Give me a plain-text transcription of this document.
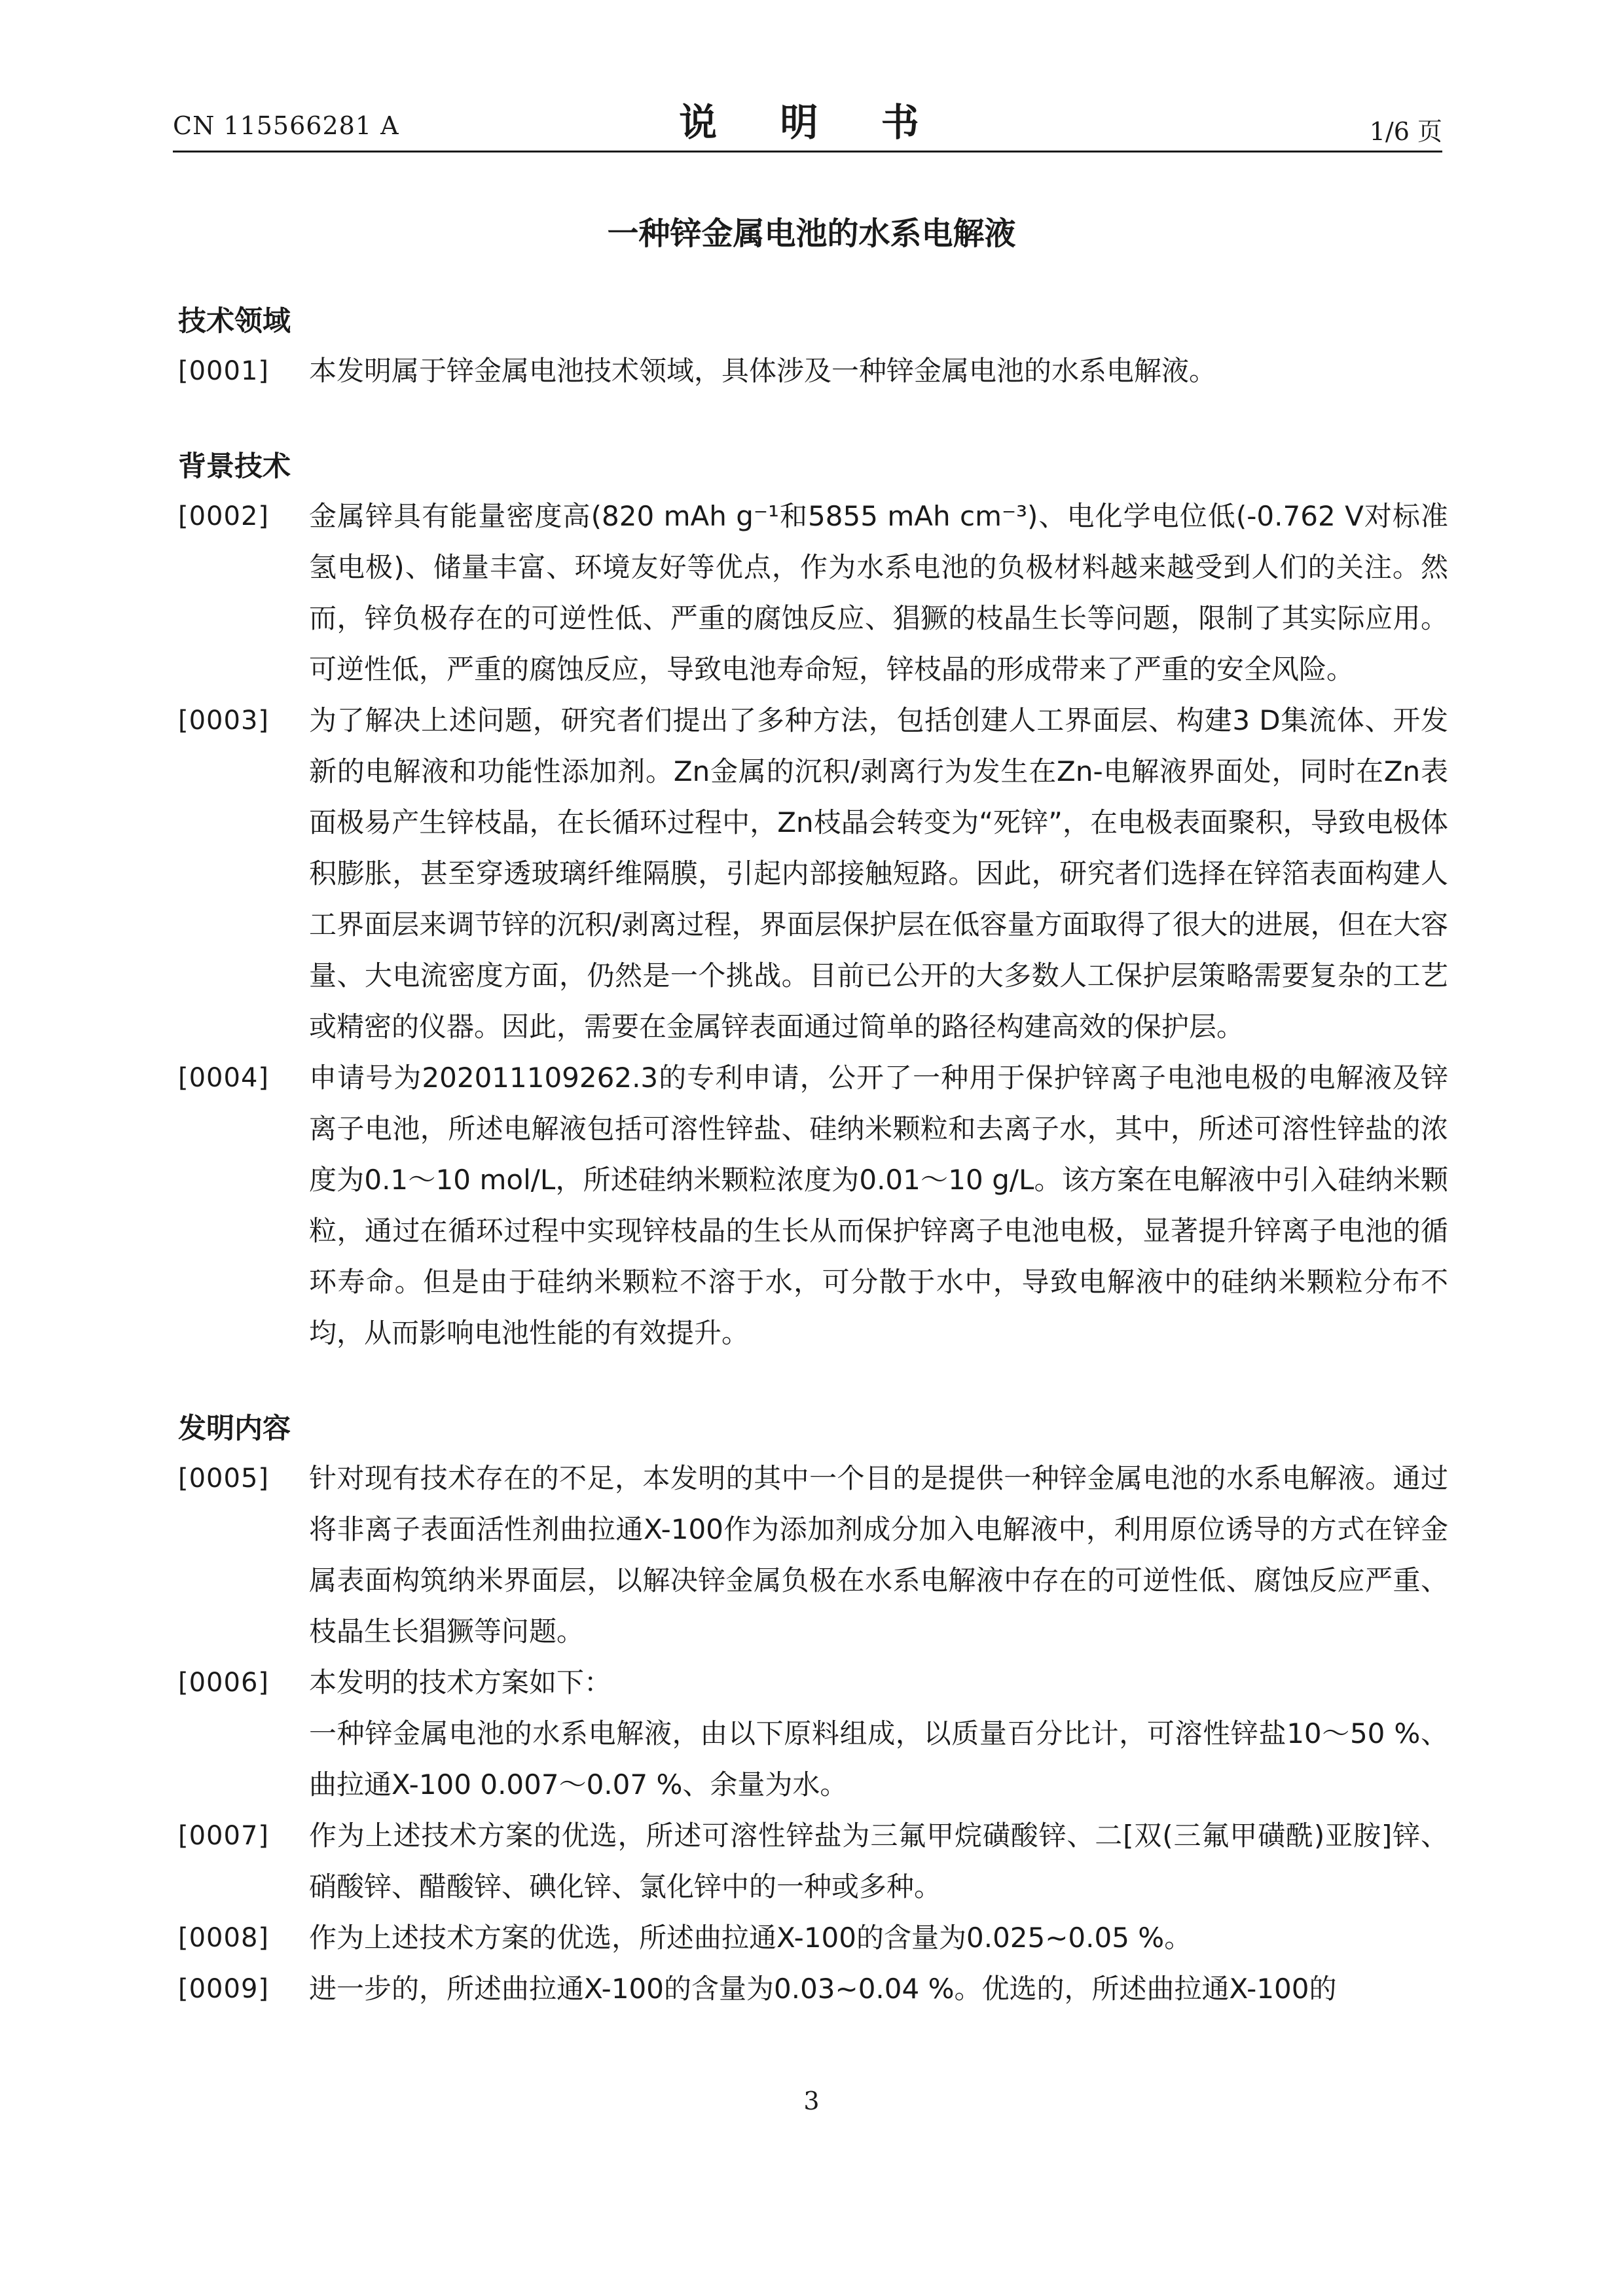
CN 115566281 A	说 明 书	1/6 页
一种锌金属电池的水系电解液
技术领域
[0001]	本发明属于锌金属电池技术领域，具体涉及一种锌金属电池的水系电解液。
背景技术
[0002]	金属锌具有能量密度高(820 mAh g⁻¹和5855 mAh cm⁻³)、电化学电位低(-0.762 V对标准氢电极)、储量丰富、环境友好等优点，作为水系电池的负极材料越来越受到人们的关注。然而，锌负极存在的可逆性低、严重的腐蚀反应、猖獗的枝晶生长等问题，限制了其实际应用。可逆性低，严重的腐蚀反应，导致电池寿命短，锌枝晶的形成带来了严重的安全风险。
[0003]	为了解决上述问题，研究者们提出了多种方法，包括创建人工界面层、构建3 D集流体、开发新的电解液和功能性添加剂。Zn金属的沉积/剥离行为发生在Zn-电解液界面处，同时在Zn表面极易产生锌枝晶，在长循环过程中，Zn枝晶会转变为“死锌”，在电极表面聚积，导致电极体积膨胀，甚至穿透玻璃纤维隔膜，引起内部接触短路。因此，研究者们选择在锌箔表面构建人工界面层来调节锌的沉积/剥离过程，界面层保护层在低容量方面取得了很大的进展，但在大容量、大电流密度方面，仍然是一个挑战。目前已公开的大多数人工保护层策略需要复杂的工艺或精密的仪器。因此，需要在金属锌表面通过简单的路径构建高效的保护层。
[0004]	申请号为202011109262.3的专利申请，公开了一种用于保护锌离子电池电极的电解液及锌离子电池，所述电解液包括可溶性锌盐、硅纳米颗粒和去离子水，其中，所述可溶性锌盐的浓度为0.1～10 mol/L，所述硅纳米颗粒浓度为0.01～10 g/L。该方案在电解液中引入硅纳米颗粒，通过在循环过程中实现锌枝晶的生长从而保护锌离子电池电极，显著提升锌离子电池的循环寿命。但是由于硅纳米颗粒不溶于水，可分散于水中，导致电解液中的硅纳米颗粒分布不均，从而影响电池性能的有效提升。
发明内容
[0005]	针对现有技术存在的不足，本发明的其中一个目的是提供一种锌金属电池的水系电解液。通过将非离子表面活性剂曲拉通X-100作为添加剂成分加入电解液中，利用原位诱导的方式在锌金属表面构筑纳米界面层，以解决锌金属负极在水系电解液中存在的可逆性低、腐蚀反应严重、枝晶生长猖獗等问题。
[0006]	本发明的技术方案如下：
一种锌金属电池的水系电解液，由以下原料组成，以质量百分比计，可溶性锌盐10～50 %、曲拉通X-100 0.007～0.07 %、余量为水。
[0007]	作为上述技术方案的优选，所述可溶性锌盐为三氟甲烷磺酸锌、二[双(三氟甲磺酰)亚胺]锌、硝酸锌、醋酸锌、碘化锌、氯化锌中的一种或多种。
[0008]	作为上述技术方案的优选，所述曲拉通X-100的含量为0.025~0.05 %。
[0009]	进一步的，所述曲拉通X-100的含量为0.03~0.04 %。优选的，所述曲拉通X-100的
3
